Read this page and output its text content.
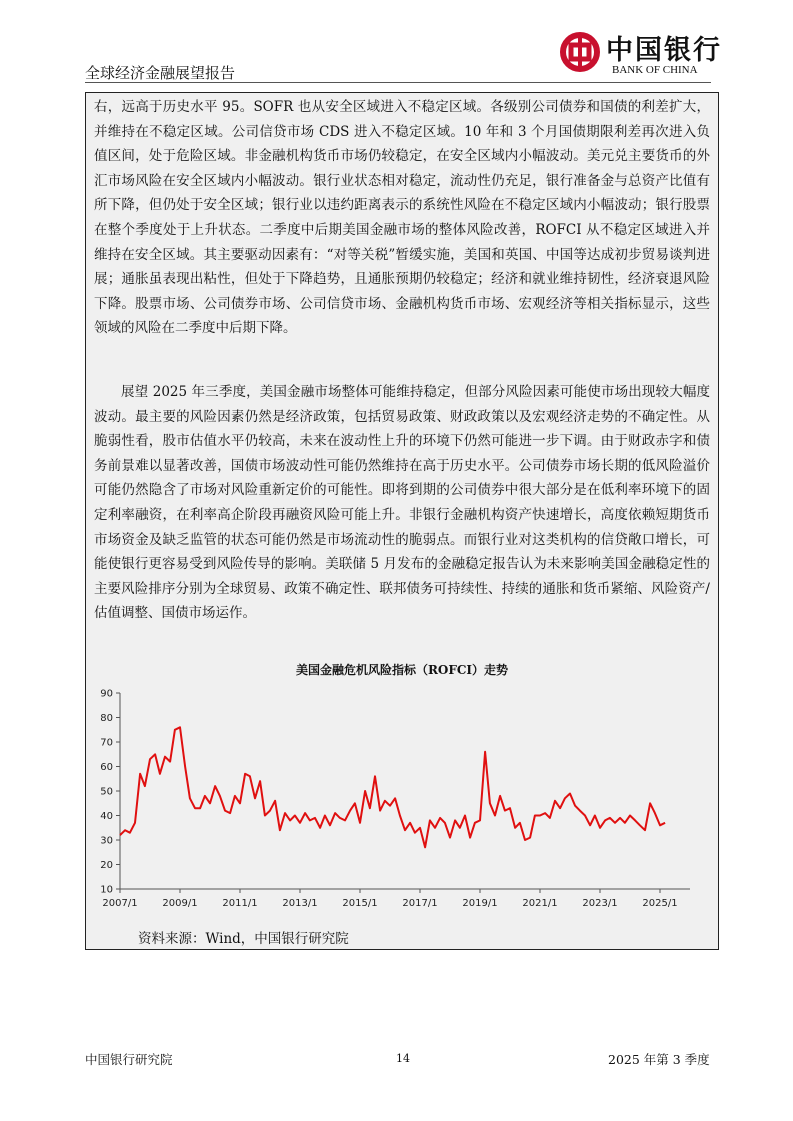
全球经济金融展望报告
中国银行
BANK OF CHINA

右，远高于历史水平 95。SOFR 也从安全区域进入不稳定区域。各级别公司债券和国债的利差扩大，并维持在不稳定区域。公司信贷市场 CDS 进入不稳定区域。10 年和 3 个月国债期限利差再次进入负值区间，处于危险区域。非金融机构货币市场仍较稳定，在安全区域内小幅波动。美元兑主要货币的外汇市场风险在安全区域内小幅波动。银行业状态相对稳定，流动性仍充足，银行准备金与总资产比值有所下降，但仍处于安全区域；银行业以违约距离表示的系统性风险在不稳定区域内小幅波动；银行股票在整个季度处于上升状态。二季度中后期美国金融市场的整体风险改善，ROFCI 从不稳定区域进入并维持在安全区域。其主要驱动因素有：“对等关税”暂缓实施，美国和英国、中国等达成初步贸易谈判进展；通胀虽表现出粘性，但处于下降趋势，且通胀预期仍较稳定；经济和就业维持韧性，经济衰退风险下降。股票市场、公司债券市场、公司信贷市场、金融机构货币市场、宏观经济等相关指标显示，这些领域的风险在二季度中后期下降。

展望 2025 年三季度，美国金融市场整体可能维持稳定，但部分风险因素可能使市场出现较大幅度波动。最主要的风险因素仍然是经济政策，包括贸易政策、财政政策以及宏观经济走势的不确定性。从脆弱性看，股市估值水平仍较高，未来在波动性上升的环境下仍然可能进一步下调。由于财政赤字和债务前景难以显著改善，国债市场波动性可能仍然维持在高于历史水平。公司债券市场长期的低风险溢价可能仍然隐含了市场对风险重新定价的可能性。即将到期的公司债券中很大部分是在低利率环境下的固定利率融资，在利率高企阶段再融资风险可能上升。非银行金融机构资产快速增长，高度依赖短期货币市场资金及缺乏监管的状态可能仍然是市场流动性的脆弱点。而银行业对这类机构的信贷敞口增长，可能使银行更容易受到风险传导的影响。美联储 5 月发布的金融稳定报告认为未来影响美国金融稳定性的主要风险排序分别为全球贸易、政策不确定性、联邦债务可持续性、持续的通胀和货币紧缩、风险资产/估值调整、国债市场运作。

美国金融危机风险指标（ROFCI）走势
10
20
30
40
50
60
70
80
90
2007/1 2009/1 2011/1 2013/1 2015/1 2017/1 2019/1 2021/1 2023/1 2025/1
资料来源：Wind，中国银行研究院
中国银行研究院	14	2025 年第 3 季度
